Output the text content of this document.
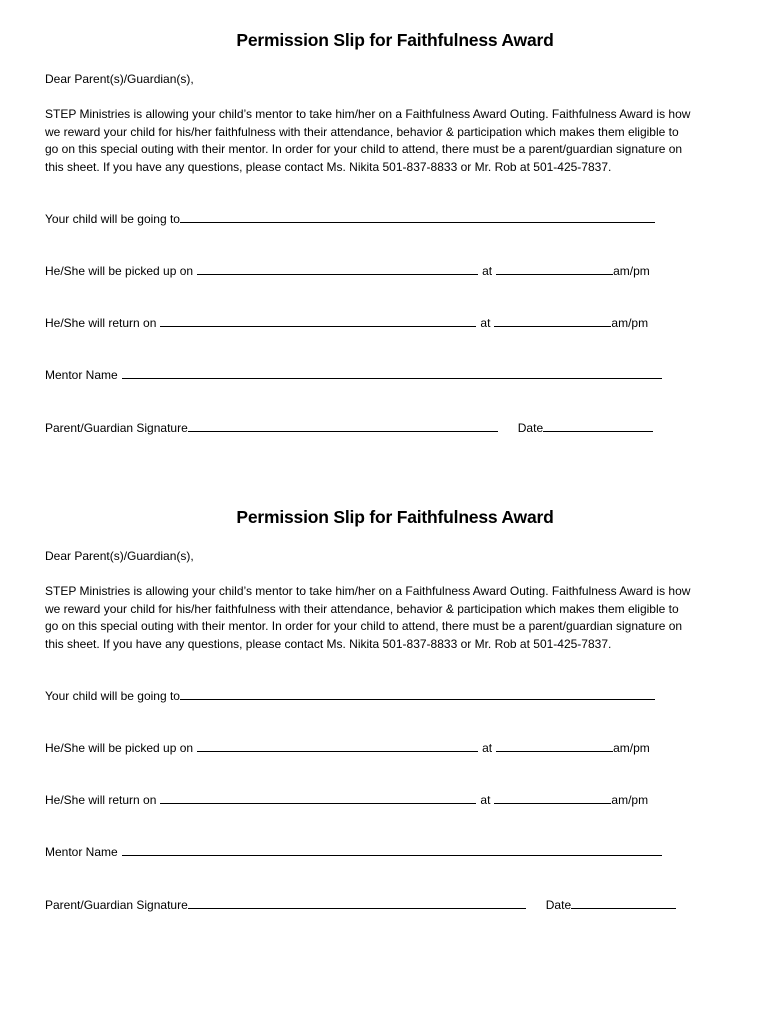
Permission Slip for Faithfulness Award
Dear Parent(s)/Guardian(s),
STEP Ministries is allowing your child’s mentor to take him/her on a Faithfulness Award Outing. Faithfulness Award is how
we reward your child for his/her faithfulness with their attendance, behavior & participation which makes them eligible to
go on this special outing with their mentor. In order for your child to attend, there must be a parent/guardian signature on
this sheet. If you have any questions, please contact Ms. Nikita 501-837-8833 or Mr. Rob at 501-425-7837.
Your child will be going to
He/She will be picked up on	at	am/pm
He/She will return on	at	am/pm
Mentor Name
Parent/Guardian Signature	Date
Permission Slip for Faithfulness Award
Dear Parent(s)/Guardian(s),
STEP Ministries is allowing your child’s mentor to take him/her on a Faithfulness Award Outing. Faithfulness Award is how
we reward your child for his/her faithfulness with their attendance, behavior & participation which makes them eligible to
go on this special outing with their mentor. In order for your child to attend, there must be a parent/guardian signature on
this sheet. If you have any questions, please contact Ms. Nikita 501-837-8833 or Mr. Rob at 501-425-7837.
Your child will be going to
He/She will be picked up on	at	am/pm
He/She will return on	at	am/pm
Mentor Name
Parent/Guardian Signature	Date
